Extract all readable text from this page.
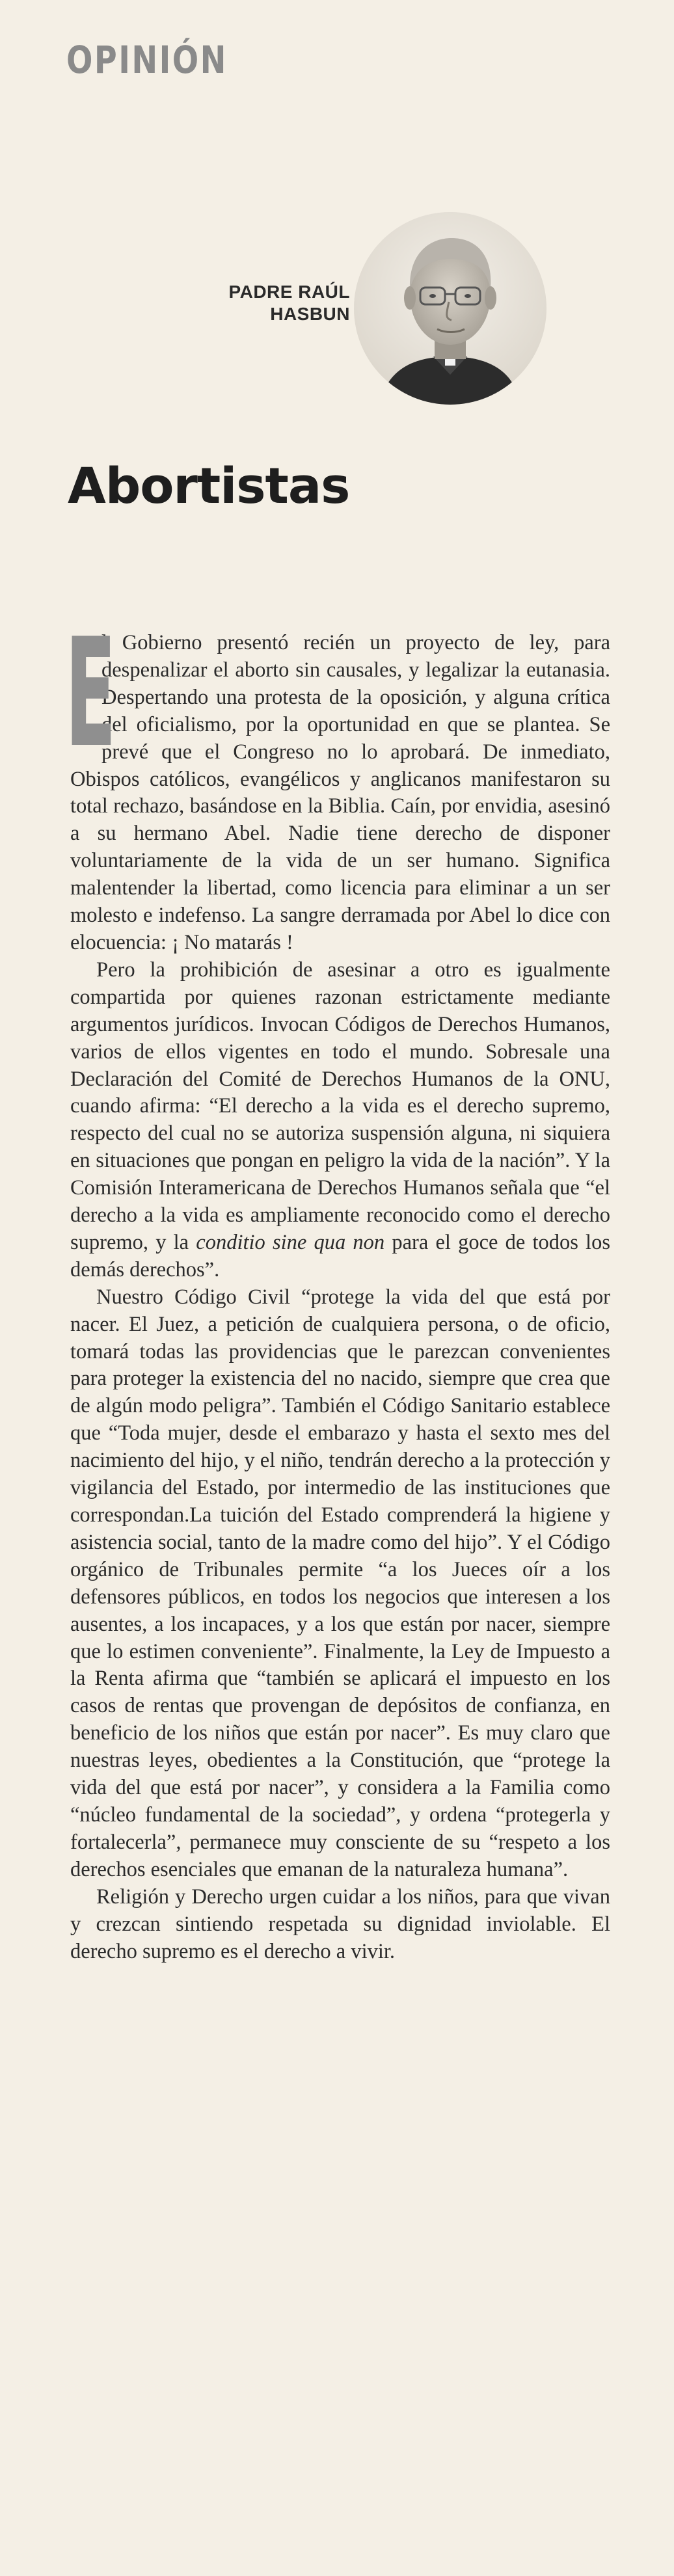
OPINIÓN
PADRE RAÚL
HASBUN
Abortistas

E
l Gobierno presentó recién un proyecto de ley, para despenalizar el aborto sin causales, y legalizar la eutanasia. Despertando una protesta de la oposición, y alguna crítica del oficialismo, por la oportunidad en que se plantea. Se prevé que el Congreso no lo aprobará. De inmediato, Obispos católicos, evangélicos y anglicanos manifestaron su total rechazo, basándose en la Biblia. Caín, por envidia, asesinó a su hermano Abel. Nadie tiene derecho de disponer voluntariamente de la vida de un ser humano. Significa malentender la libertad, como licencia para eliminar a un ser molesto e indefenso. La sangre derramada por Abel lo dice con elocuencia: ¡ No matarás !

Pero la prohibición de asesinar a otro es igualmente compartida por quienes razonan estrictamente mediante argumentos jurídicos. Invocan Códigos de Derechos Humanos, varios de ellos vigentes en todo el mundo. Sobresale una Declaración del Comité de Derechos Humanos de la ONU, cuando afirma: “El derecho a la vida es el derecho supremo, respecto del cual no se autoriza suspensión alguna, ni siquiera en situaciones que pongan en peligro la vida de la nación”. Y la Comisión Interamericana de Derechos Humanos señala que “el derecho a la vida es ampliamente reconocido como el derecho supremo, y la conditio sine qua non para el goce de todos los demás derechos”.

Nuestro Código Civil “protege la vida del que está por nacer. El Juez, a petición de cualquiera persona, o de oficio, tomará todas las providencias que le parezcan convenientes para proteger la existencia del no nacido, siempre que crea que de algún modo peligra”. También el Código Sanitario establece que “Toda mujer, desde el embarazo y hasta el sexto mes del nacimiento del hijo, y el niño, tendrán derecho a la protección y vigilancia del Estado, por intermedio de las instituciones que correspondan.La tuición del Estado comprenderá la higiene y asistencia social, tanto de la madre como del hijo”. Y el Código orgánico de Tribunales permite “a los Jueces oír a los defensores públicos, en todos los negocios que interesen a los ausentes, a los incapaces, y a los que están por nacer, siempre que lo estimen conveniente”. Finalmente, la Ley de Impuesto a la Renta afirma que “también se aplicará el impuesto en los casos de rentas que provengan de depósitos de confianza, en beneficio de los niños que están por nacer”. Es muy claro que nuestras leyes, obedientes a la Constitución, que “protege la vida del que está por nacer”, y considera a la Familia como “núcleo fundamental de la sociedad”, y ordena “protegerla y fortalecerla”, permanece muy consciente de su “respeto a los derechos esenciales que emanan de la naturaleza humana”.

Religión y Derecho urgen cuidar a los niños, para que vivan y crezcan sintiendo respetada su dignidad inviolable. El derecho supremo es el derecho a vivir.
